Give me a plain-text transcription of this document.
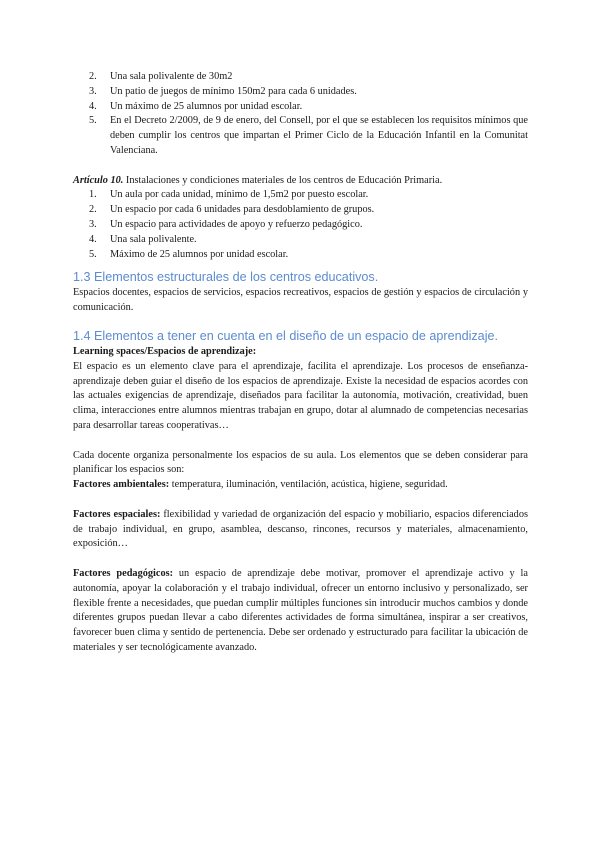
2. Una sala polivalente de 30m2
3. Un patio de juegos de mínimo 150m2 para cada 6 unidades.
4. Un máximo de 25 alumnos por unidad escolar.
5. En el Decreto 2/2009, de 9 de enero, del Consell, por el que se establecen los requisitos mínimos que deben cumplir los centros que impartan el Primer Ciclo de la Educación Infantil en la Comunitat Valenciana.

Artículo 10. Instalaciones y condiciones materiales de los centros de Educación Primaria.

1. Un aula por cada unidad, mínimo de 1,5m2 por puesto escolar.
2. Un espacio por cada 6 unidades para desdoblamiento de grupos.
3. Un espacio para actividades de apoyo y refuerzo pedagógico.
4. Una sala polivalente.
5. Máximo de 25 alumnos por unidad escolar.
1.3 Elementos estructurales de los centros educativos.

Espacios docentes, espacios de servicios, espacios recreativos, espacios de gestión y espacios de circulación y comunicación.

1.4 Elementos a tener en cuenta en el diseño de un espacio de aprendizaje.

Learning spaces/Espacios de aprendizaje:

El espacio es un elemento clave para el aprendizaje, facilita el aprendizaje. Los procesos de enseñanza-aprendizaje deben guiar el diseño de los espacios de aprendizaje. Existe la necesidad de espacios acordes con las actuales exigencias de aprendizaje, diseñados para facilitar la autonomía, motivación, creatividad, buen clima, interacciones entre alumnos mientras trabajan en grupo, dotar al alumnado de competencias necesarias para desarrollar tareas cooperativas…

Cada docente organiza personalmente los espacios de su aula. Los elementos que se deben considerar para planificar los espacios son:

Factores ambientales: temperatura, iluminación, ventilación, acústica, higiene, seguridad.

Factores espaciales: flexibilidad y variedad de organización del espacio y mobiliario, espacios diferenciados de trabajo individual, en grupo, asamblea, descanso, rincones, recursos y materiales, almacenamiento, exposición…

Factores pedagógicos: un espacio de aprendizaje debe motivar, promover el aprendizaje activo y la autonomía, apoyar la colaboración y el trabajo individual, ofrecer un entorno inclusivo y personalizado, ser flexible frente a necesidades, que puedan cumplir múltiples funciones sin introducir muchos cambios y donde diferentes grupos puedan llevar a cabo diferentes actividades de forma simultánea, inspirar a ser creativos, favorecer buen clima y sentido de pertenencia. Debe ser ordenado y estructurado para facilitar la ubicación de materiales y ser tecnológicamente avanzado.
